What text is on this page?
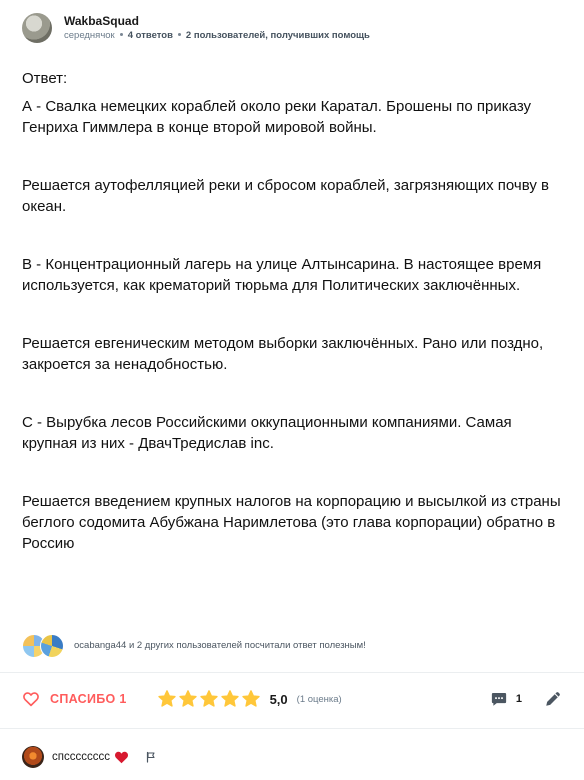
WakbaSquad
середнячок 4 ответов 2 пользователей, получивших помощь

Ответ:

А - Свалка немецких кораблей около реки Каратал. Брошены по приказу Генриха Гиммлера в конце второй мировой войны.

Решается аутофелляцией реки и сбросом кораблей, загрязняющих почву в океан.

В - Концентрационный лагерь на улице Алтынсарина. В настоящее время используется, как крематорий тюрьма для Политических заключённых.

Решается евгеническим методом выборки заключённых. Рано или поздно, закроется за ненадобностью.

С - Вырубка лесов Российскими оккупационными компаниями. Самая крупная из них - ДвачТредислав inc.

Решается введением крупных налогов на корпорацию и высылкой из страны беглого содомита Абубжана Наримлетова (это глава корпорации) обратно в Россию

ocabanga44 и 2 других пользователей посчитали ответ полезным!
СПАСИБО 1	5,0 (1 оценка)	1
спсссссссс
